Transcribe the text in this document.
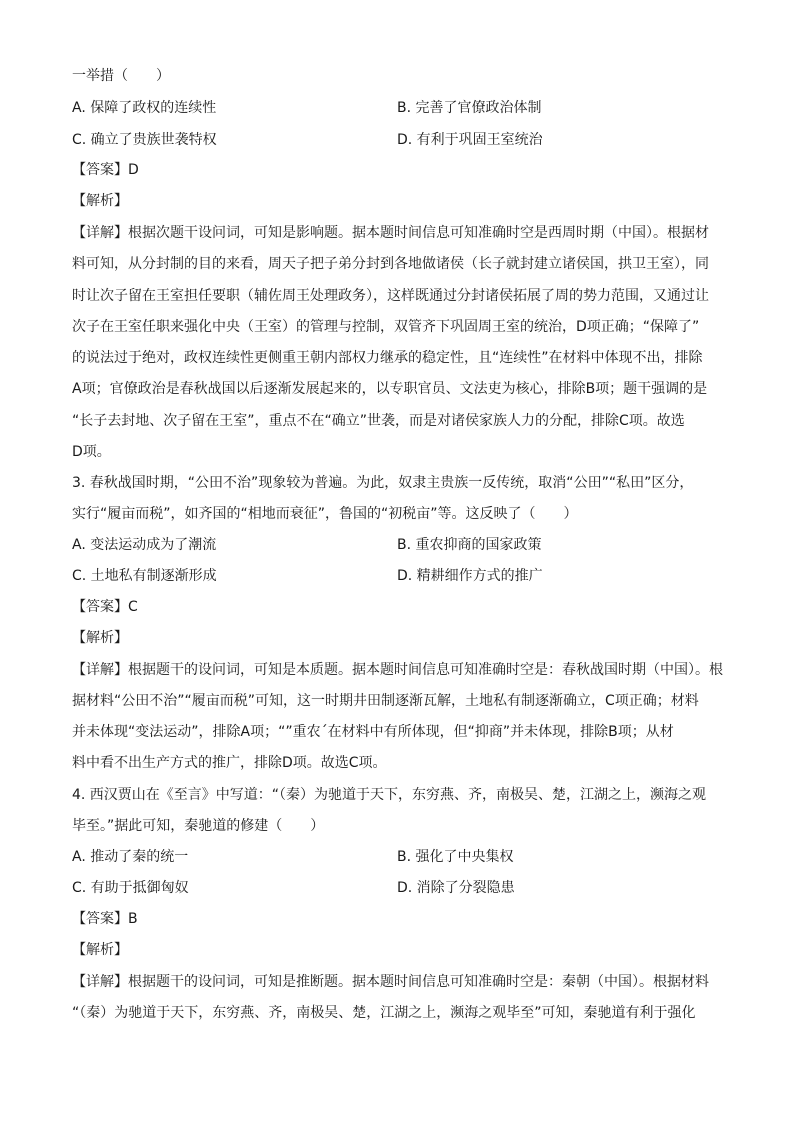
一举措（　　）
A. 保障了政权的连续性	B. 完善了官僚政治体制
C. 确立了贵族世袭特权	D. 有利于巩固王室统治
【答案】D
【解析】
【详解】根据次题干设问词，可知是影响题。据本题时间信息可知准确时空是西周时期（中国）。根据材
料可知，从分封制的目的来看，周天子把子弟分封到各地做诸侯（长子就封建立诸侯国，拱卫王室），同
时让次子留在王室担任要职（辅佐周王处理政务），这样既通过分封诸侯拓展了周的势力范围，又通过让
次子在王室任职来强化中央（王室）的管理与控制，双管齐下巩固周王室的统治，D项正确；“保障了”
的说法过于绝对，政权连续性更侧重王朝内部权力继承的稳定性，且“连续性”在材料中体现不出，排除
A项；官僚政治是春秋战国以后逐渐发展起来的，以专职官员、文法吏为核心，排除B项；题干强调的是
“长子去封地、次子留在王室”，重点不在“确立”世袭，而是对诸侯家族人力的分配，排除C项。故选
D项。
3. 春秋战国时期，“公田不治”现象较为普遍。为此，奴隶主贵族一反传统，取消“公田”“私田”区分，
实行“履亩而税”，如齐国的“相地而衰征”，鲁国的“初税亩”等。这反映了（　　）
A. 变法运动成为了潮流	B. 重农抑商的国家政策
C. 土地私有制逐渐形成	D. 精耕细作方式的推广
【答案】C
【解析】
【详解】根据题干的设问词，可知是本质题。据本题时间信息可知准确时空是：春秋战国时期（中国）。根
据材料“公田不治”“履亩而税”可知，这一时期井田制逐渐瓦解，土地私有制逐渐确立，C项正确；材料
并未体现“变法运动”，排除A项；“”重农´在材料中有所体现，但“抑商”并未体现，排除B项；从材
料中看不出生产方式的推广，排除D项。故选C项。
4. 西汉贾山在《至言》中写道：“（秦）为驰道于天下，东穷燕、齐，南极吴、楚，江湖之上，濒海之观
毕至。”据此可知，秦驰道的修建（　　）
A. 推动了秦的统一	B. 强化了中央集权
C. 有助于抵御匈奴	D. 消除了分裂隐患
【答案】B
【解析】
【详解】根据题干的设问词，可知是推断题。据本题时间信息可知准确时空是：秦朝（中国）。根据材料
“（秦）为驰道于天下，东穷燕、齐，南极吴、楚，江湖之上，濒海之观毕至”可知，秦驰道有利于强化
